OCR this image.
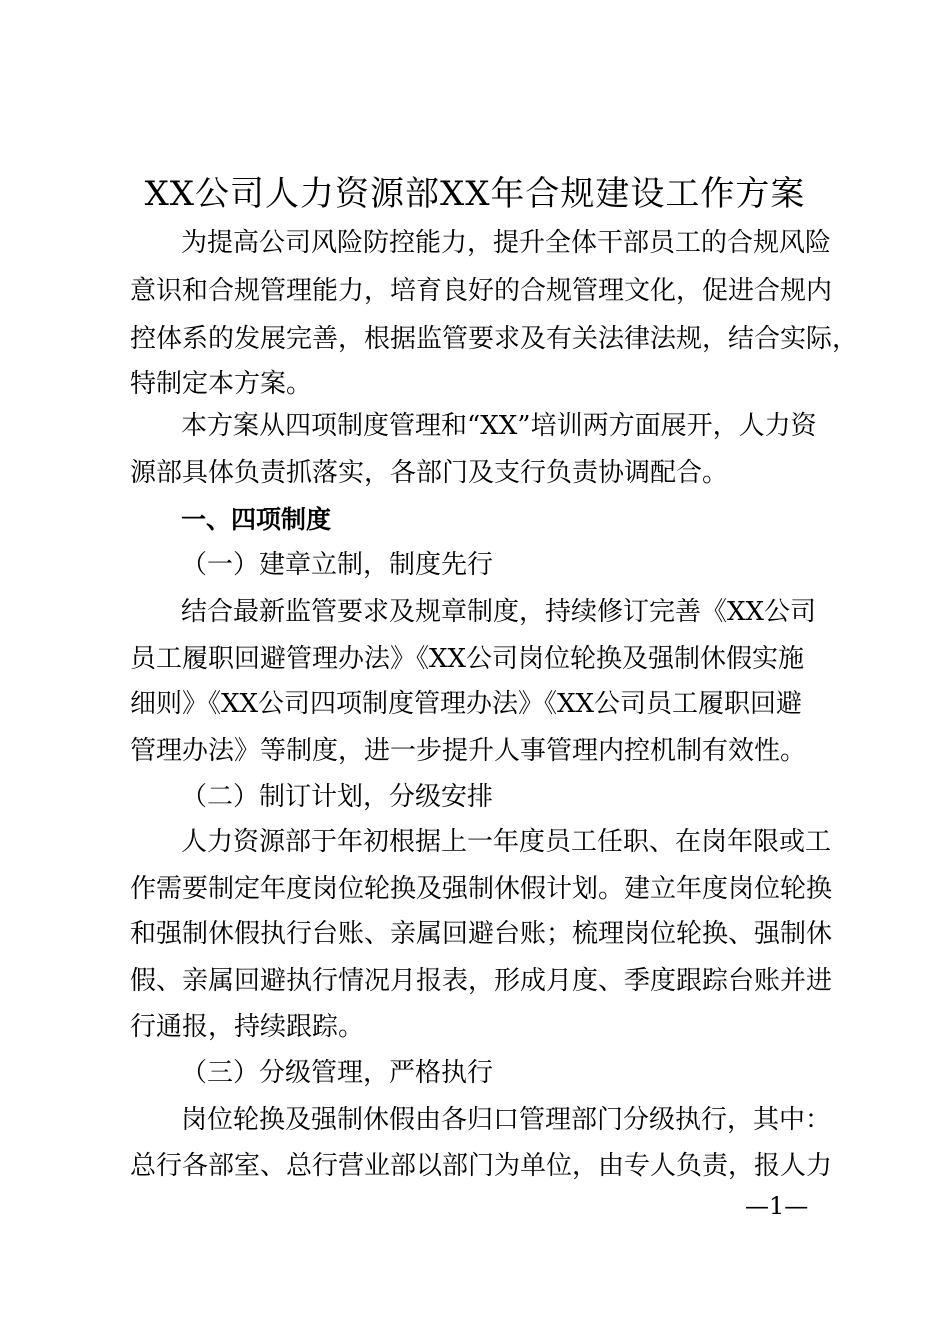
XX公司人力资源部XX年合规建设工作方案
为提高公司风险防控能力，提升全体干部员工的合规风险
意识和合规管理能力，培育良好的合规管理文化，促进合规内
控体系的发展完善，根据监管要求及有关法律法规，结合实际，
特制定本方案。
本方案从四项制度管理和“XX”培训两方面展开，人力资
源部具体负责抓落实，各部门及支行负责协调配合。
一、四项制度
（一）建章立制，制度先行
结合最新监管要求及规章制度，持续修订完善《XX公司
员工履职回避管理办法》《XX公司岗位轮换及强制休假实施
细则》《XX公司四项制度管理办法》《XX公司员工履职回避
管理办法》等制度，进一步提升人事管理内控机制有效性。
（二）制订计划，分级安排
人力资源部于年初根据上一年度员工任职、在岗年限或工
作需要制定年度岗位轮换及强制休假计划。建立年度岗位轮换
和强制休假执行台账、亲属回避台账；梳理岗位轮换、强制休
假、亲属回避执行情况月报表，形成月度、季度跟踪台账并进
行通报，持续跟踪。
（三）分级管理，严格执行
岗位轮换及强制休假由各归口管理部门分级执行，其中：
总行各部室、总行营业部以部门为单位，由专人负责，报人力
—1—
